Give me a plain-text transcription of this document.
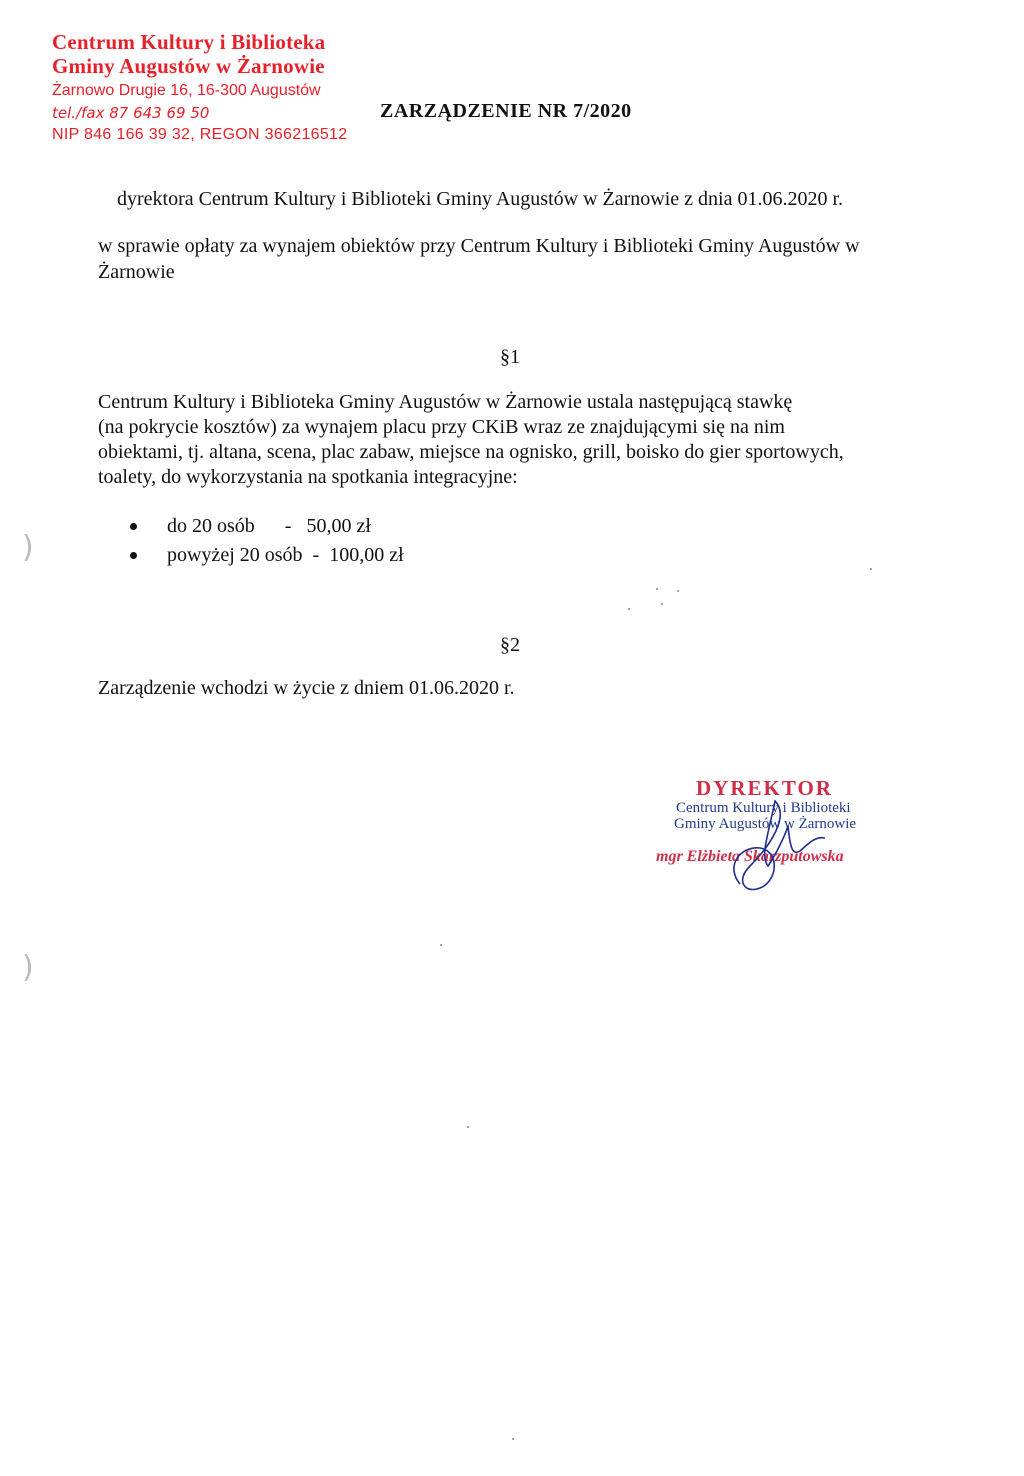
Centrum Kultury i Biblioteka
Gminy Augustów w Żarnowie
Żarnowo Drugie 16, 16-300 Augustów
tel./fax 87 643 69 50
NIP 846 166 39 32, REGON 366216512
ZARZĄDZENIE NR 7/2020
dyrektora Centrum Kultury i Biblioteki Gminy Augustów w Żarnowie z dnia 01.06.2020 r.
w sprawie opłaty za wynajem obiektów przy Centrum Kultury i Biblioteki Gminy Augustów w Żarnowie
§1
Centrum Kultury i Biblioteka Gminy Augustów w Żarnowie ustala następującą stawkę
(na pokrycie kosztów) za wynajem placu przy CKiB wraz ze znajdującymi się na nim
obiektami, tj. altana, scena, plac zabaw, miejsce na ognisko, grill, boisko do gier sportowych,
toalety, do wykorzystania na spotkania integracyjne:
do 20 osób - 50,00 zł
powyżej 20 osób - 100,00 zł
§2
Zarządzenie wchodzi w życie z dniem 01.06.2020 r.
DYREKTOR
Centrum Kultury i Biblioteki
Gminy Augustów w Żarnowie
mgr Elżbieta Skarzputowska
)
)
